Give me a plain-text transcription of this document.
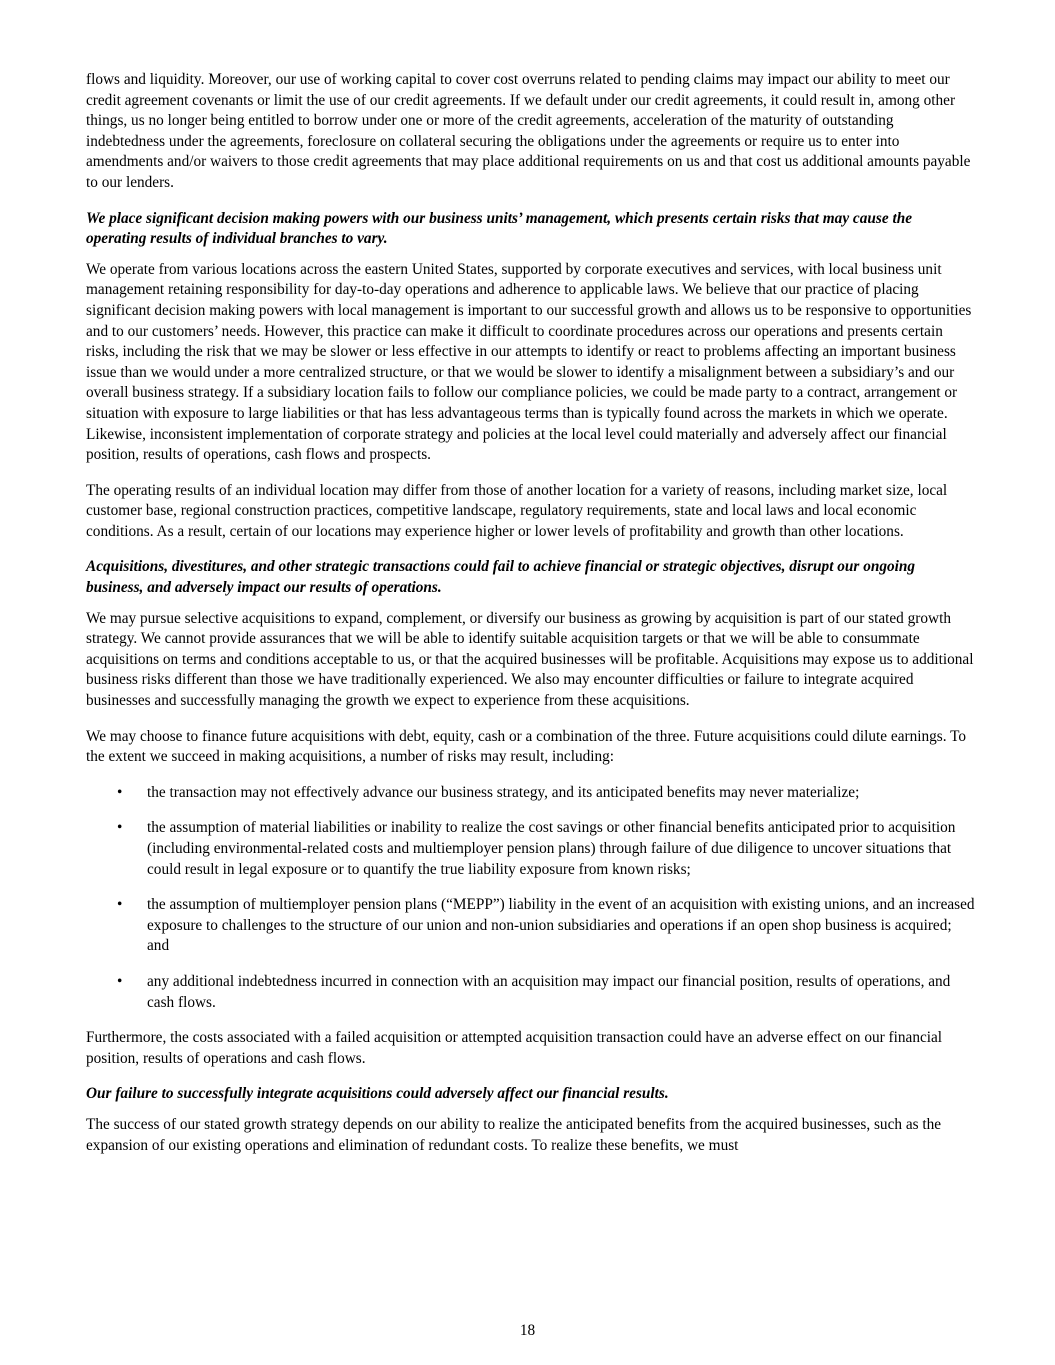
flows and liquidity. Moreover, our use of working capital to cover cost overruns related to pending claims may impact our ability to meet our credit agreement covenants or limit the use of our credit agreements. If we default under our credit agreements, it could result in, among other things, us no longer being entitled to borrow under one or more of the credit agreements, acceleration of the maturity of outstanding indebtedness under the agreements, foreclosure on collateral securing the obligations under the agreements or require us to enter into amendments and/or waivers to those credit agreements that may place additional requirements on us and that cost us additional amounts payable to our lenders.

We place significant decision making powers with our business units’ management, which presents certain risks that may cause the operating results of individual branches to vary.

We operate from various locations across the eastern United States, supported by corporate executives and services, with local business unit management retaining responsibility for day-to-day operations and adherence to applicable laws. We believe that our practice of placing significant decision making powers with local management is important to our successful growth and allows us to be responsive to opportunities and to our customers’ needs. However, this practice can make it difficult to coordinate procedures across our operations and presents certain risks, including the risk that we may be slower or less effective in our attempts to identify or react to problems affecting an important business issue than we would under a more centralized structure, or that we would be slower to identify a misalignment between a subsidiary’s and our overall business strategy. If a subsidiary location fails to follow our compliance policies, we could be made party to a contract, arrangement or situation with exposure to large liabilities or that has less advantageous terms than is typically found across the markets in which we operate. Likewise, inconsistent implementation of corporate strategy and policies at the local level could materially and adversely affect our financial position, results of operations, cash flows and prospects.

The operating results of an individual location may differ from those of another location for a variety of reasons, including market size, local customer base, regional construction practices, competitive landscape, regulatory requirements, state and local laws and local economic conditions. As a result, certain of our locations may experience higher or lower levels of profitability and growth than other locations.

Acquisitions, divestitures, and other strategic transactions could fail to achieve financial or strategic objectives, disrupt our ongoing business, and adversely impact our results of operations.

We may pursue selective acquisitions to expand, complement, or diversify our business as growing by acquisition is part of our stated growth strategy. We cannot provide assurances that we will be able to identify suitable acquisition targets or that we will be able to consummate acquisitions on terms and conditions acceptable to us, or that the acquired businesses will be profitable. Acquisitions may expose us to additional business risks different than those we have traditionally experienced. We also may encounter difficulties or failure to integrate acquired businesses and successfully managing the growth we expect to experience from these acquisitions.

We may choose to finance future acquisitions with debt, equity, cash or a combination of the three. Future acquisitions could dilute earnings. To the extent we succeed in making acquisitions, a number of risks may result, including:

• the transaction may not effectively advance our business strategy, and its anticipated benefits may never materialize;
• the assumption of material liabilities or inability to realize the cost savings or other financial benefits anticipated prior to acquisition (including environmental-related costs and multiemployer pension plans) through failure of due diligence to uncover situations that could result in legal exposure or to quantify the true liability exposure from known risks;
• the assumption of multiemployer pension plans (“MEPP”) liability in the event of an acquisition with existing unions, and an increased exposure to challenges to the structure of our union and non-union subsidiaries and operations if an open shop business is acquired; and
• any additional indebtedness incurred in connection with an acquisition may impact our financial position, results of operations, and cash flows.

Furthermore, the costs associated with a failed acquisition or attempted acquisition transaction could have an adverse effect on our financial position, results of operations and cash flows.

Our failure to successfully integrate acquisitions could adversely affect our financial results.

The success of our stated growth strategy depends on our ability to realize the anticipated benefits from the acquired businesses, such as the expansion of our existing operations and elimination of redundant costs. To realize these benefits, we must

18
